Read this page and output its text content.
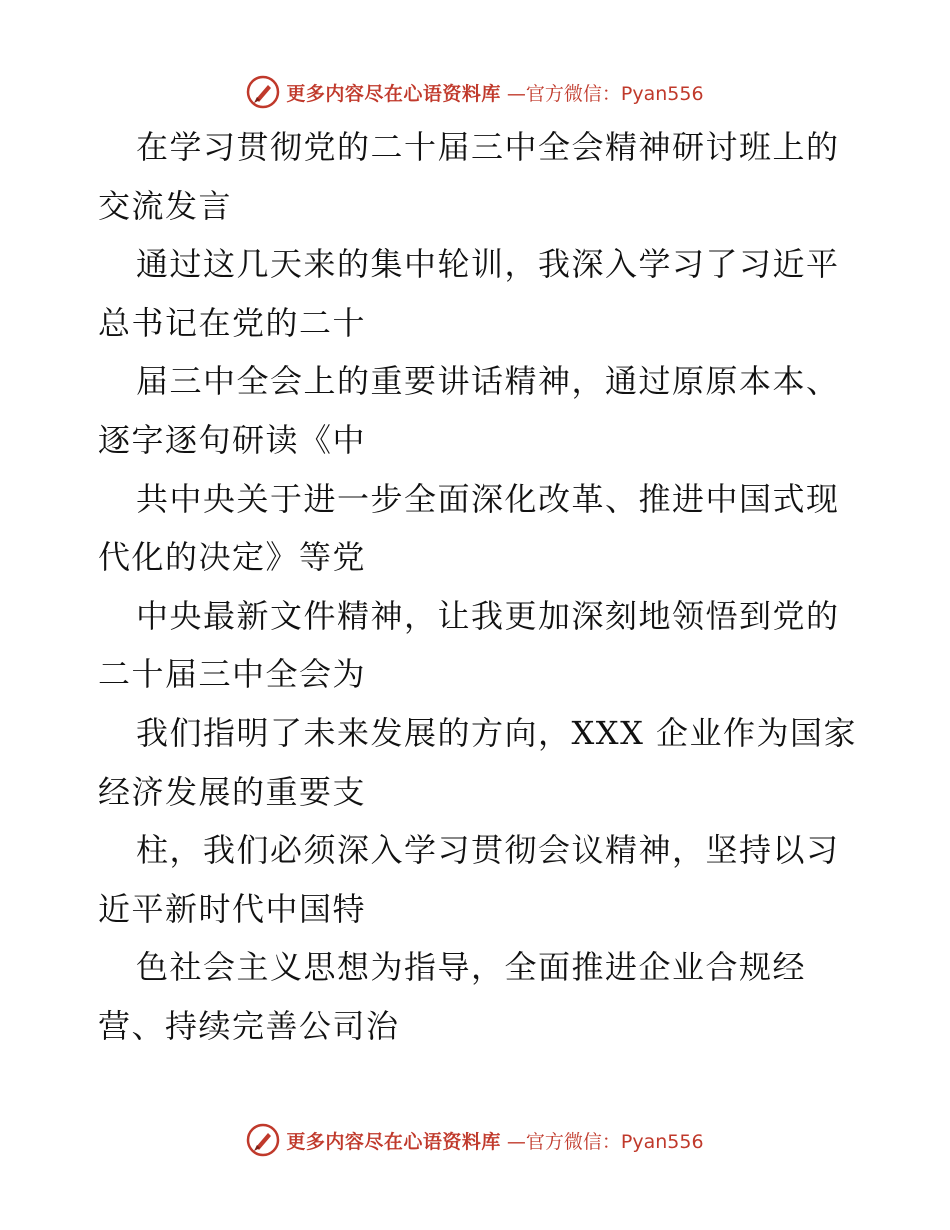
更多内容尽在心语资料库 —官方微信：Pyan556
在学习贯彻党的二十届三中全会精神研讨班上的
交流发言
通过这几天来的集中轮训，我深入学习了习近平
总书记在党的二十
届三中全会上的重要讲话精神，通过原原本本、
逐字逐句研读《中
共中央关于进一步全面深化改革、推进中国式现
代化的决定》等党
中央最新文件精神，让我更加深刻地领悟到党的
二十届三中全会为
我们指明了未来发展的方向，XXX 企业作为国家
经济发展的重要支
柱，我们必须深入学习贯彻会议精神，坚持以习
近平新时代中国特
色社会主义思想为指导，全面推进企业合规经
营、持续完善公司治
更多内容尽在心语资料库 —官方微信：Pyan556
